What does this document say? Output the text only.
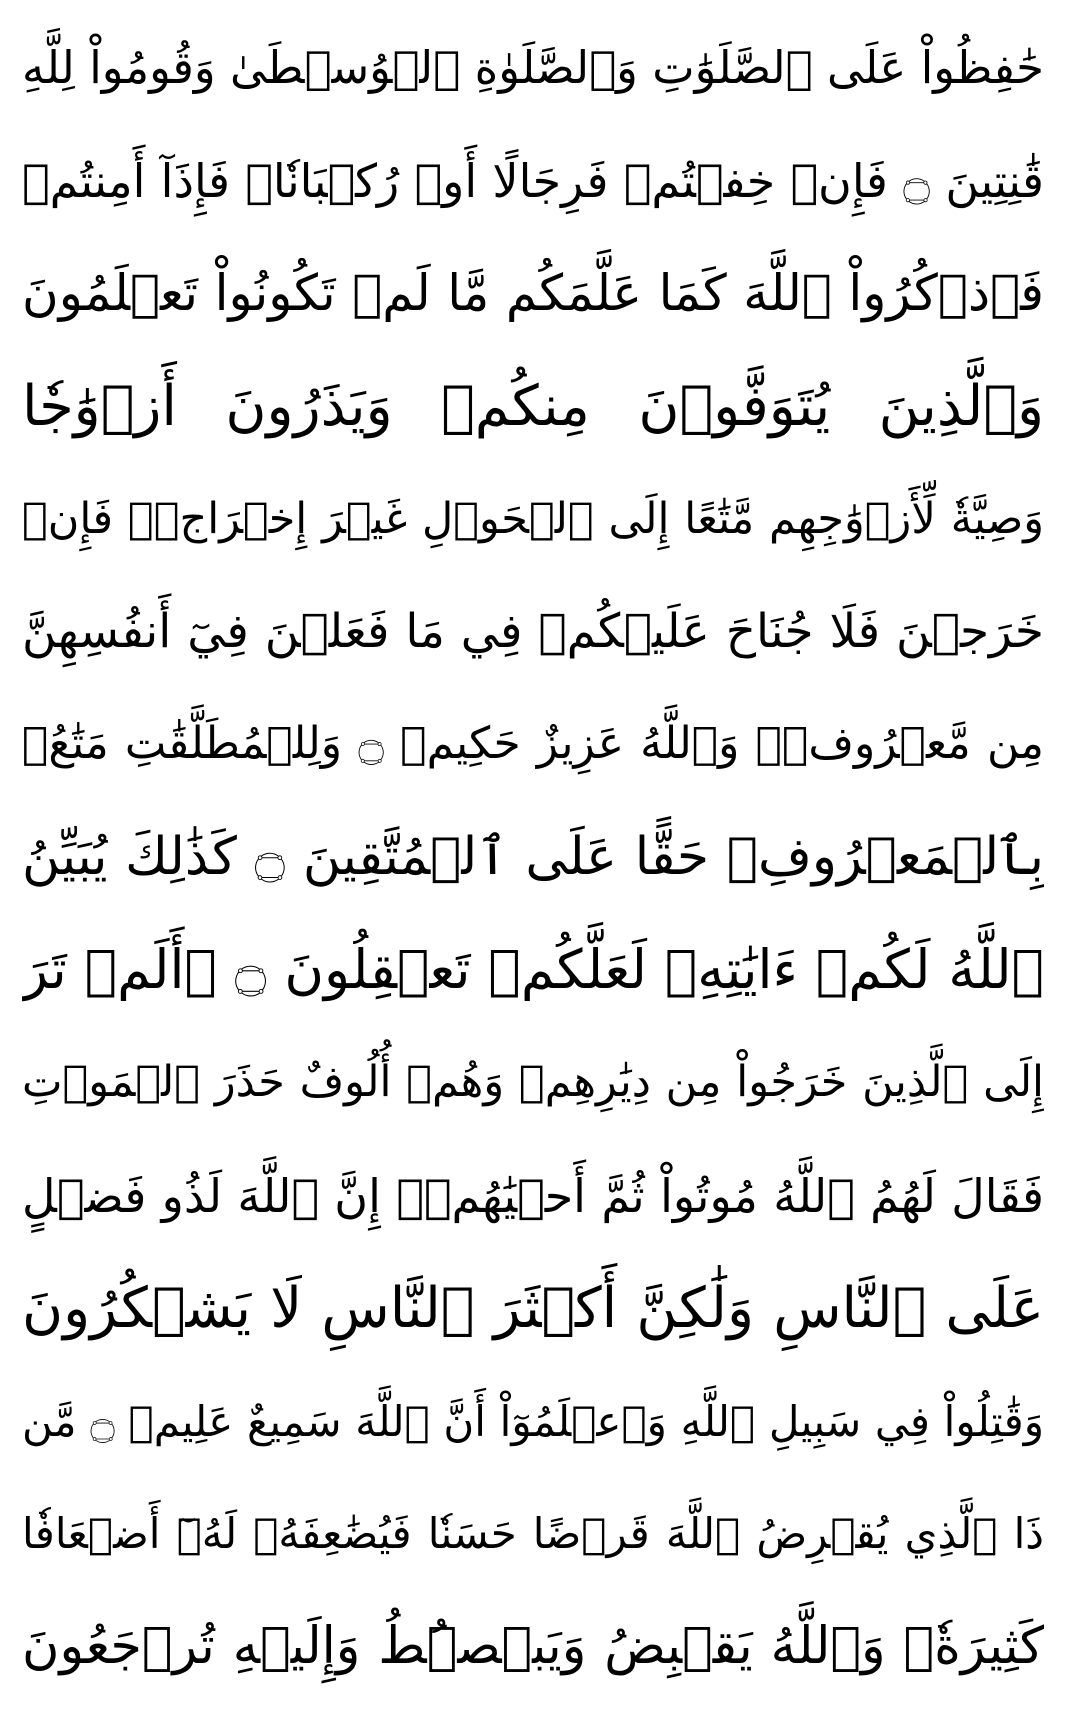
حَٰفِظُواْ عَلَى ٱلصَّلَوَٰتِ وَٱلصَّلَوٰةِ ٱلۡوُسۡطَىٰ وَقُومُواْ لِلَّهِ
قَٰنِتِينَ ۝ فَإِنۡ خِفۡتُمۡ فَرِجَالًا أَوۡ رُكۡبَانٗاۖ فَإِذَآ أَمِنتُمۡ
فَٱذۡكُرُواْ ٱللَّهَ كَمَا عَلَّمَكُم مَّا لَمۡ تَكُونُواْ تَعۡلَمُونَ
وَٱلَّذِينَ يُتَوَفَّوۡنَ مِنكُمۡ وَيَذَرُونَ أَزۡوَٰجٗا
وَصِيَّةٗ لِّأَزۡوَٰجِهِم مَّتَٰعًا إِلَى ٱلۡحَوۡلِ غَيۡرَ إِخۡرَاجٖۚ فَإِنۡ
خَرَجۡنَ فَلَا جُنَاحَ عَلَيۡكُمۡ فِي مَا فَعَلۡنَ فِيٓ أَنفُسِهِنَّ
مِن مَّعۡرُوفٖۗ وَٱللَّهُ عَزِيزٌ حَكِيمٞ ۝ وَلِلۡمُطَلَّقَٰتِ مَتَٰعُۢ
بِٱلۡمَعۡرُوفِۖ حَقًّا عَلَى ٱلۡمُتَّقِينَ ۝ كَذَٰلِكَ يُبَيِّنُ
ٱللَّهُ لَكُمۡ ءَايَٰتِهِۦ لَعَلَّكُمۡ تَعۡقِلُونَ ۝ ۞أَلَمۡ تَرَ
إِلَى ٱلَّذِينَ خَرَجُواْ مِن دِيَٰرِهِمۡ وَهُمۡ أُلُوفٌ حَذَرَ ٱلۡمَوۡتِ
فَقَالَ لَهُمُ ٱللَّهُ مُوتُواْ ثُمَّ أَحۡيَٰهُمۡۚ إِنَّ ٱللَّهَ لَذُو فَضۡلٍ
عَلَى ٱلنَّاسِ وَلَٰكِنَّ أَكۡثَرَ ٱلنَّاسِ لَا يَشۡكُرُونَ
وَقَٰتِلُواْ فِي سَبِيلِ ٱللَّهِ وَٱعۡلَمُوٓاْ أَنَّ ٱللَّهَ سَمِيعٌ عَلِيمٞ ۝ مَّن
ذَا ٱلَّذِي يُقۡرِضُ ٱللَّهَ قَرۡضًا حَسَنٗا فَيُضَٰعِفَهُۥ لَهُۥٓ أَضۡعَافٗا
كَثِيرَةٗۚ وَٱللَّهُ يَقۡبِضُ وَيَبۡصُۜطُ وَإِلَيۡهِ تُرۡجَعُونَ
